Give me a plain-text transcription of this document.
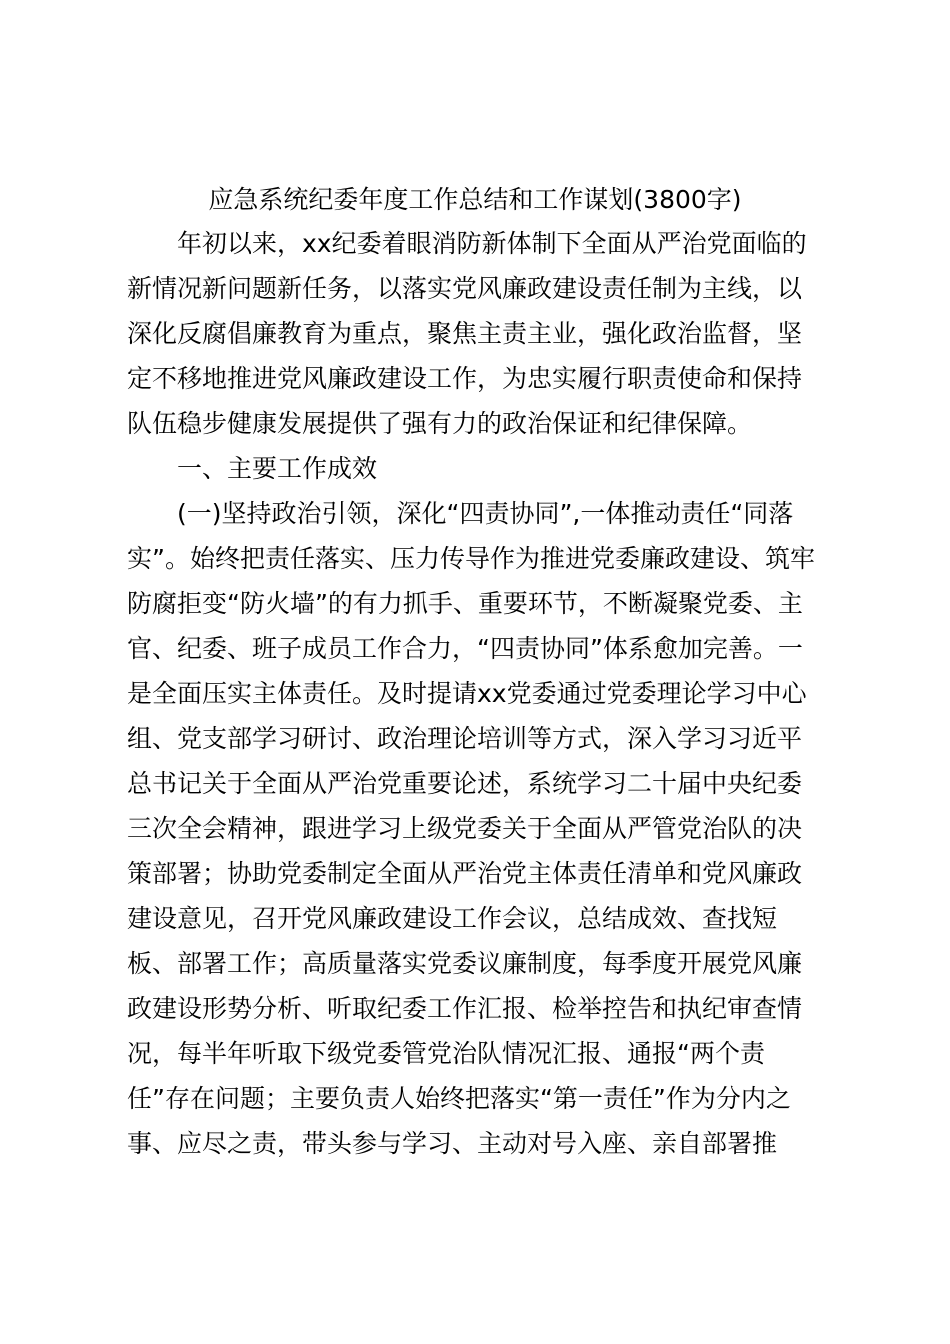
应急系统纪委年度工作总结和工作谋划(3800字)

年初以来，xx纪委着眼消防新体制下全面从严治党面临的

新情况新问题新任务，以落实党风廉政建设责任制为主线，以

深化反腐倡廉教育为重点，聚焦主责主业，强化政治监督，坚

定不移地推进党风廉政建设工作，为忠实履行职责使命和保持

队伍稳步健康发展提供了强有力的政治保证和纪律保障。

一、主要工作成效

(一)坚持政治引领，深化“四责协同”,一体推动责任“同落

实”。始终把责任落实、压力传导作为推进党委廉政建设、筑牢

防腐拒变“防火墙”的有力抓手、重要环节，不断凝聚党委、主

官、纪委、班子成员工作合力，“四责协同”体系愈加完善。一

是全面压实主体责任。及时提请xx党委通过党委理论学习中心

组、党支部学习研讨、政治理论培训等方式，深入学习习近平

总书记关于全面从严治党重要论述，系统学习二十届中央纪委

三次全会精神，跟进学习上级党委关于全面从严管党治队的决

策部署；协助党委制定全面从严治党主体责任清单和党风廉政

建设意见，召开党风廉政建设工作会议，总结成效、查找短

板、部署工作；高质量落实党委议廉制度，每季度开展党风廉

政建设形势分析、听取纪委工作汇报、检举控告和执纪审查情

况，每半年听取下级党委管党治队情况汇报、通报“两个责

任”存在问题；主要负责人始终把落实“第一责任”作为分内之

事、应尽之责，带头参与学习、主动对号入座、亲自部署推
